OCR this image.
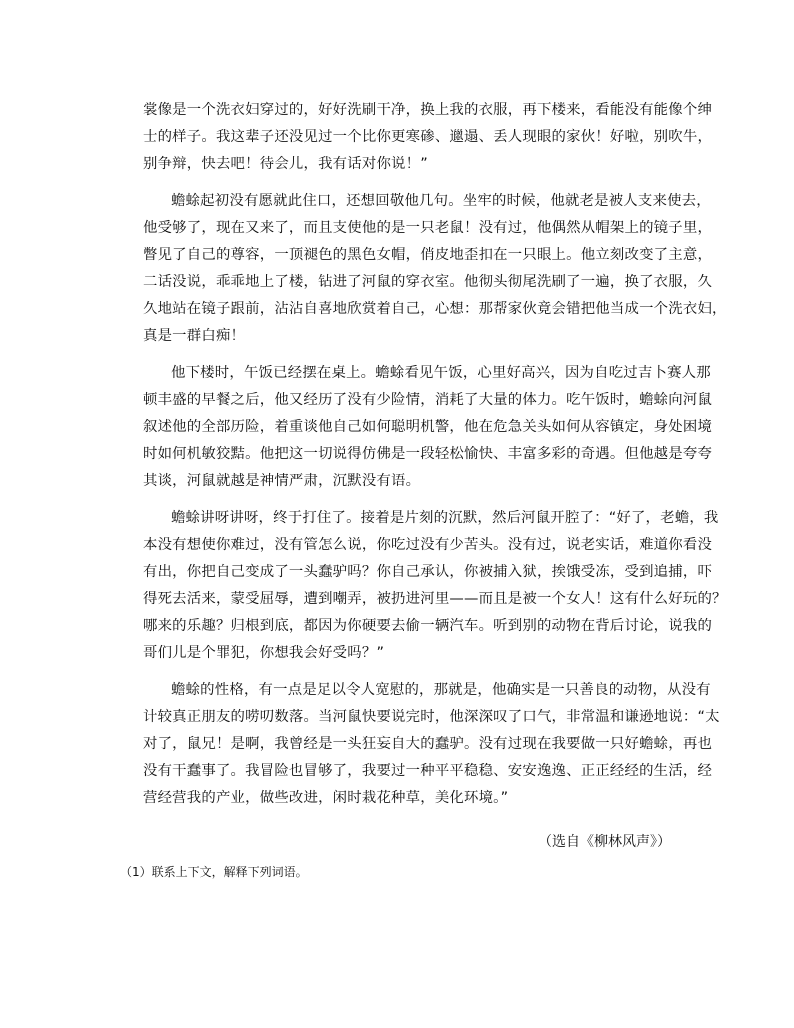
裳像是一个洗衣妇穿过的，好好洗刷干净，换上我的衣服，再下楼来，看能没有能像个绅
士的样子。我这辈子还没见过一个比你更寒碜、邋遢、丢人现眼的家伙！好啦，别吹牛，
别争辩，快去吧！待会儿，我有话对你说！”
蟾蜍起初没有愿就此住口，还想回敬他几句。坐牢的时候，他就老是被人支来使去，
他受够了，现在又来了，而且支使他的是一只老鼠！没有过，他偶然从帽架上的镜子里，
瞥见了自己的尊容，一顶褪色的黑色女帽，俏皮地歪扣在一只眼上。他立刻改变了主意，
二话没说，乖乖地上了楼，钻进了河鼠的穿衣室。他彻头彻尾洗刷了一遍，换了衣服，久
久地站在镜子跟前，沾沾自喜地欣赏着自己，心想：那帮家伙竟会错把他当成一个洗衣妇，
真是一群白痴！
他下楼时，午饭已经摆在桌上。蟾蜍看见午饭，心里好高兴，因为自吃过吉卜赛人那
顿丰盛的早餐之后，他又经历了没有少险情，消耗了大量的体力。吃午饭时，蟾蜍向河鼠
叙述他的全部历险，着重谈他自己如何聪明机警，他在危急关头如何从容镇定，身处困境
时如何机敏狡黠。他把这一切说得仿佛是一段轻松愉快、丰富多彩的奇遇。但他越是夸夸
其谈，河鼠就越是神情严肃，沉默没有语。
蟾蜍讲呀讲呀，终于打住了。接着是片刻的沉默，然后河鼠开腔了：“好了，老蟾，我
本没有想使你难过，没有管怎么说，你吃过没有少苦头。没有过，说老实话，难道你看没
有出，你把自己变成了一头蠢驴吗？你自己承认，你被捕入狱，挨饿受冻，受到追捕，吓
得死去活来，蒙受屈辱，遭到嘲弄，被扔进河里——而且是被一个女人！这有什么好玩的？
哪来的乐趣？归根到底，都因为你硬要去偷一辆汽车。听到别的动物在背后讨论，说我的
哥们儿是个罪犯，你想我会好受吗？”
蟾蜍的性格，有一点是足以令人宽慰的，那就是，他确实是一只善良的动物，从没有
计较真正朋友的唠叨数落。当河鼠快要说完时，他深深叹了口气，非常温和谦逊地说：“太
对了，鼠兄！是啊，我曾经是一头狂妄自大的蠢驴。没有过现在我要做一只好蟾蜍，再也
没有干蠢事了。我冒险也冒够了，我要过一种平平稳稳、安安逸逸、正正经经的生活，经
营经营我的产业，做些改进，闲时栽花种草，美化环境。”
（选自《柳林风声》）
（1）联系上下文，解释下列词语。
